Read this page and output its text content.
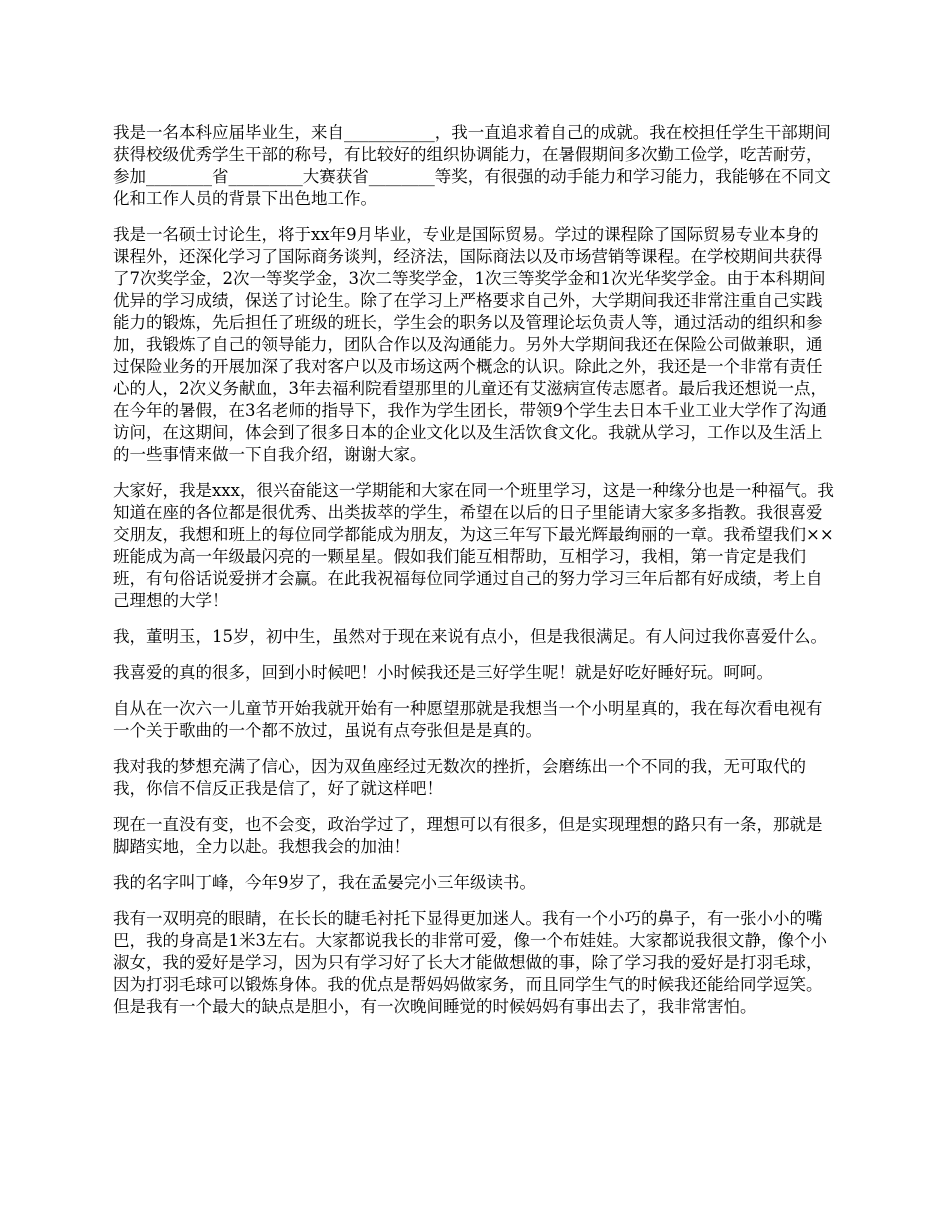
我是一名本科应届毕业生，来自___________，我一直追求着自己的成就。我在校担任学生干部期间获得校级优秀学生干部的称号，有比较好的组织协调能力，在暑假期间多次勤工俭学，吃苦耐劳，参加________省_________大赛获省________等奖，有很强的动手能力和学习能力，我能够在不同文化和工作人员的背景下出色地工作。

我是一名硕士讨论生，将于xx年9月毕业，专业是国际贸易。学过的课程除了国际贸易专业本身的课程外，还深化学习了国际商务谈判，经济法，国际商法以及市场营销等课程。在学校期间共获得了7次奖学金，2次一等奖学金，3次二等奖学金，1次三等奖学金和1次光华奖学金。由于本科期间优异的学习成绩，保送了讨论生。除了在学习上严格要求自己外，大学期间我还非常注重自己实践能力的锻炼，先后担任了班级的班长，学生会的职务以及管理论坛负责人等，通过活动的组织和参加，我锻炼了自己的领导能力，团队合作以及沟通能力。另外大学期间我还在保险公司做兼职，通过保险业务的开展加深了我对客户以及市场这两个概念的认识。除此之外，我还是一个非常有责任心的人，2次义务献血，3年去福利院看望那里的儿童还有艾滋病宣传志愿者。最后我还想说一点，在今年的暑假，在3名老师的指导下，我作为学生团长，带领9个学生去日本千业工业大学作了沟通访问，在这期间，体会到了很多日本的企业文化以及生活饮食文化。我就从学习，工作以及生活上的一些事情来做一下自我介绍，谢谢大家。

大家好，我是xxx，很兴奋能这一学期能和大家在同一个班里学习，这是一种缘分也是一种福气。我知道在座的各位都是很优秀、出类拔萃的学生，希望在以后的日子里能请大家多多指教。我很喜爱交朋友，我想和班上的每位同学都能成为朋友，为这三年写下最光辉最绚丽的一章。我希望我们××班能成为高一年级最闪亮的一颗星星。假如我们能互相帮助，互相学习，我相，第一肯定是我们班，有句俗话说爱拼才会赢。在此我祝福每位同学通过自己的努力学习三年后都有好成绩，考上自己理想的大学！

我，董明玉，15岁，初中生，虽然对于现在来说有点小，但是我很满足。有人问过我你喜爱什么。

我喜爱的真的很多，回到小时候吧！小时候我还是三好学生呢！就是好吃好睡好玩。呵呵。

自从在一次六一儿童节开始我就开始有一种愿望那就是我想当一个小明星真的，我在每次看电视有一个关于歌曲的一个都不放过，虽说有点夸张但是是真的。

我对我的梦想充满了信心，因为双鱼座经过无数次的挫折，会磨练出一个不同的我，无可取代的我，你信不信反正我是信了，好了就这样吧！

现在一直没有变，也不会变，政治学过了，理想可以有很多，但是实现理想的路只有一条，那就是脚踏实地，全力以赴。我想我会的加油！

我的名字叫丁峰，今年9岁了，我在孟晏完小三年级读书。

我有一双明亮的眼睛，在长长的睫毛衬托下显得更加迷人。我有一个小巧的鼻子，有一张小小的嘴巴，我的身高是1米3左右。大家都说我长的非常可爱，像一个布娃娃。大家都说我很文静，像个小淑女，我的爱好是学习，因为只有学习好了长大才能做想做的事，除了学习我的爱好是打羽毛球，因为打羽毛球可以锻炼身体。我的优点是帮妈妈做家务，而且同学生气的时候我还能给同学逗笑。但是我有一个最大的缺点是胆小，有一次晚间睡觉的时候妈妈有事出去了，我非常害怕。
